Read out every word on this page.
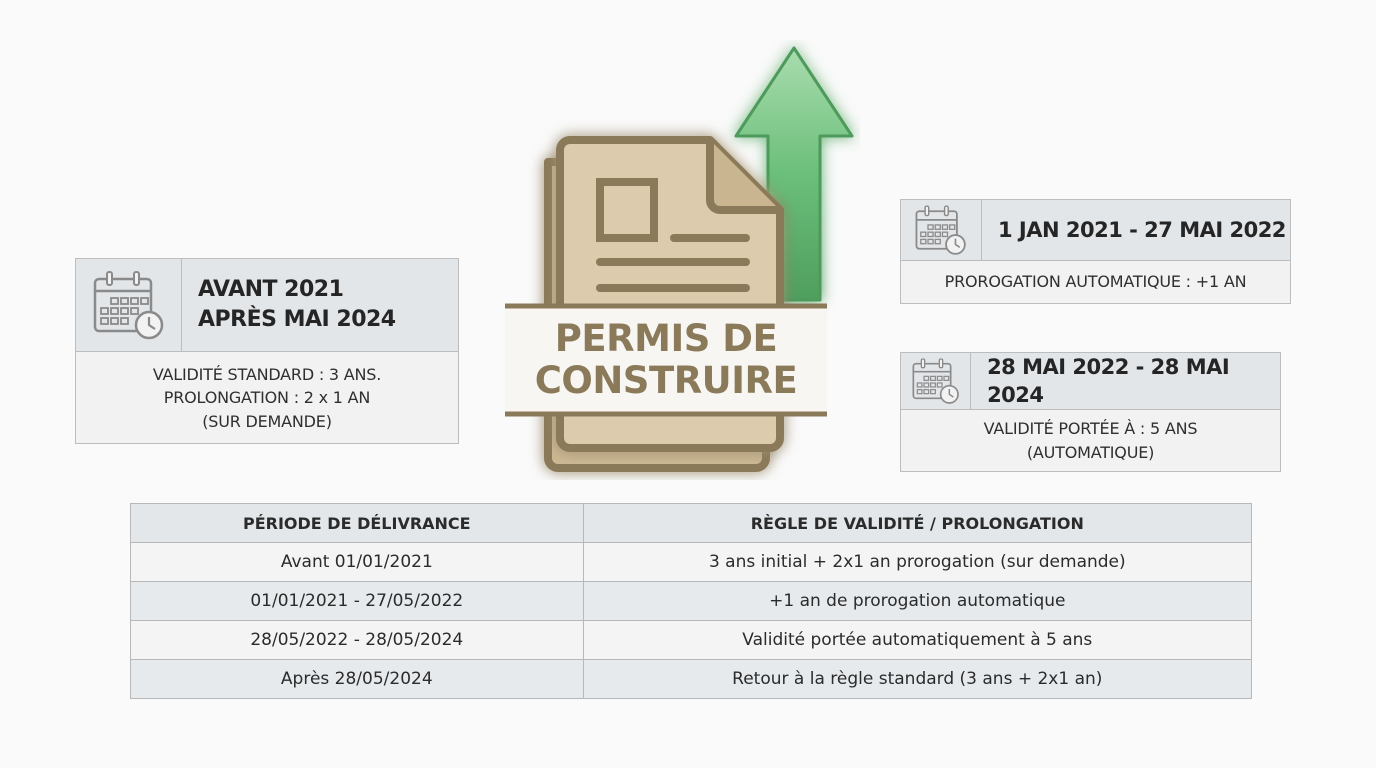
PERMIS DE
CONSTRUIRE
AVANT 2021
APRÈS MAI 2024
VALIDITÉ STANDARD : 3 ANS.
PROLONGATION : 2 x 1 AN
(SUR DEMANDE)
1 JAN 2021 - 27 MAI 2022
PROROGATION AUTOMATIQUE : +1 AN
28 MAI 2022 - 28 MAI 2024
VALIDITÉ PORTÉE À : 5 ANS
(AUTOMATIQUE)
PÉRIODE DE DÉLIVRANCE	RÈGLE DE VALIDITÉ / PROLONGATION
Avant 01/01/2021	3 ans initial + 2x1 an prorogation (sur demande)
01/01/2021 - 27/05/2022	+1 an de prorogation automatique
28/05/2022 - 28/05/2024	Validité portée automatiquement à 5 ans
Après 28/05/2024	Retour à la règle standard (3 ans + 2x1 an)
